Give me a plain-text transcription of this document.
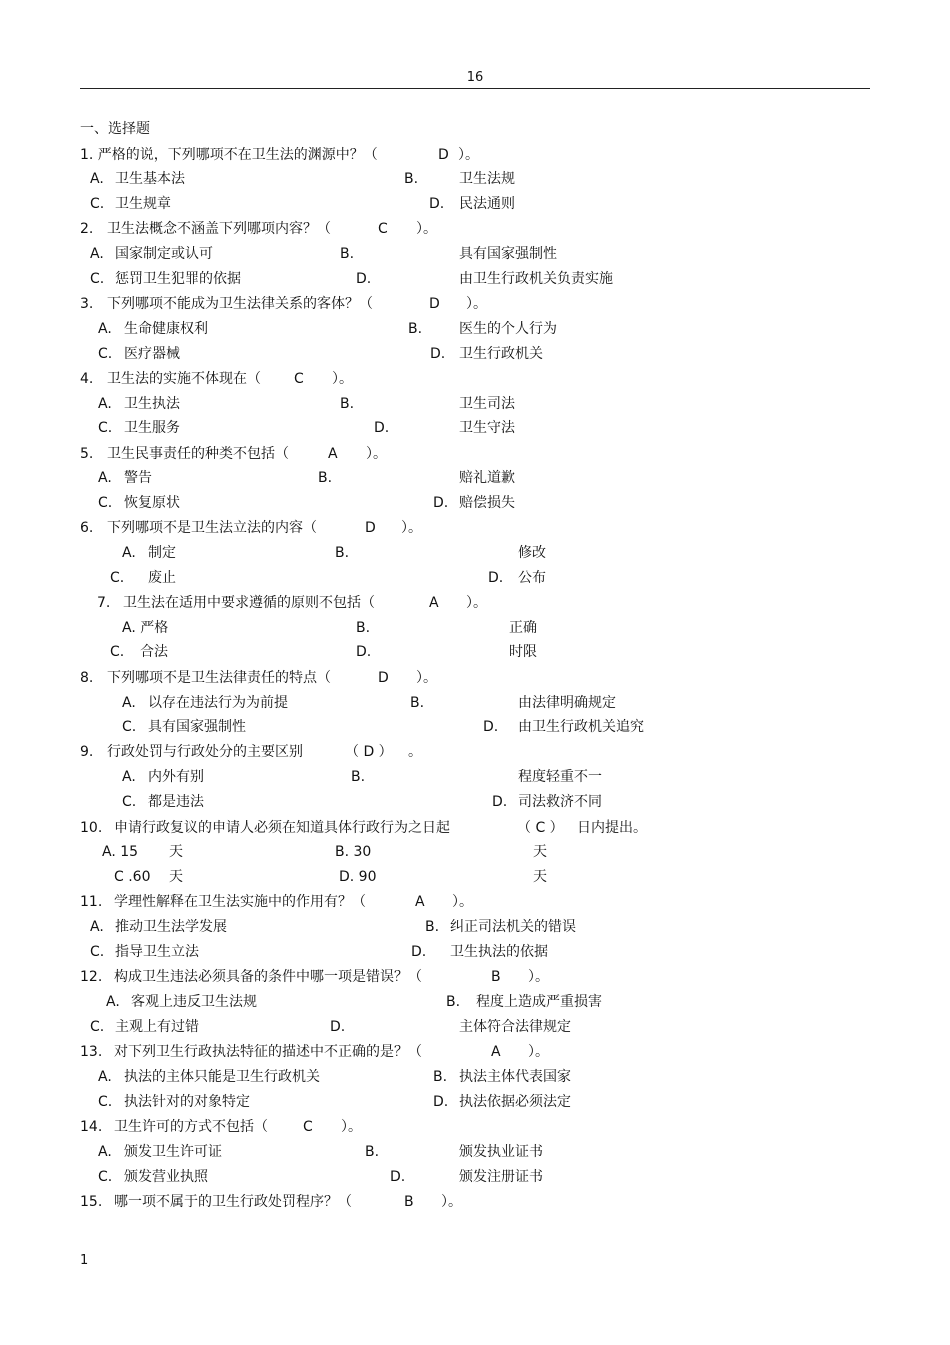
16
一、选择题
1. 严格的说，下列哪项不在卫生法的渊源中？（	D ）。
A. 卫生基本法	B.	卫生法规
C. 卫生规章	D. 民法通则
2. 卫生法概念不涵盖下列哪项内容？（	C ）。
A. 国家制定或认可	B.	具有国家强制性
C. 惩罚卫生犯罪的依据	D.	由卫生行政机关负责实施
3. 下列哪项不能成为卫生法律关系的客体？（	D ）。
A. 生命健康权利	B.	医生的个人行为
C. 医疗器械	D. 卫生行政机关
4. 卫生法的实施不体现在（ C ）。
A. 卫生执法	B.	卫生司法
C. 卫生服务	D.	卫生守法
5. 卫生民事责任的种类不包括（	A ）。
A. 警告	B.	赔礼道歉
C. 恢复原状	D. 赔偿损失
6. 下列哪项不是卫生法立法的内容（	D ）。
A. 制定	B.	修改
C. 废止	D. 公布
7. 卫生法在适用中要求遵循的原则不包括（	A ）。
A. 严格	B.	正确
C. 合法	D.	时限
8. 下列哪项不是卫生法律责任的特点（	D ）。
A. 以存在违法行为为前提	B.	由法律明确规定
C. 具有国家强制性	D. 由卫生行政机关追究
9. 行政处罚与行政处分的主要区别	（ D ） 。
A. 内外有别	B.	程度轻重不一
C. 都是违法	D. 司法救济不同
10. 申请行政复议的申请人必须在知道具体行政行为之日起	（ C ） 日内提出。
A. 15 天	B. 30	天
C .60 天	D. 90	天
11. 学理性解释在卫生法实施中的作用有？（	A ）。
A. 推动卫生法学发展	B. 纠正司法机关的错误
C. 指导卫生立法	D. 卫生执法的依据
12. 构成卫生违法必须具备的条件中哪一项是错误？（	B ）。
A. 客观上违反卫生法规	B. 程度上造成严重损害
C. 主观上有过错	D.	主体符合法律规定
13. 对下列卫生行政执法特征的描述中不正确的是？（	A ）。
A. 执法的主体只能是卫生行政机关	B. 执法主体代表国家
C. 执法针对的对象特定	D. 执法依据必须法定
14. 卫生许可的方式不包括（	C ）。
A. 颁发卫生许可证	B.	颁发执业证书
C. 颁发营业执照	D.	颁发注册证书
15. 哪一项不属于的卫生行政处罚程序？（	B ）。
1
